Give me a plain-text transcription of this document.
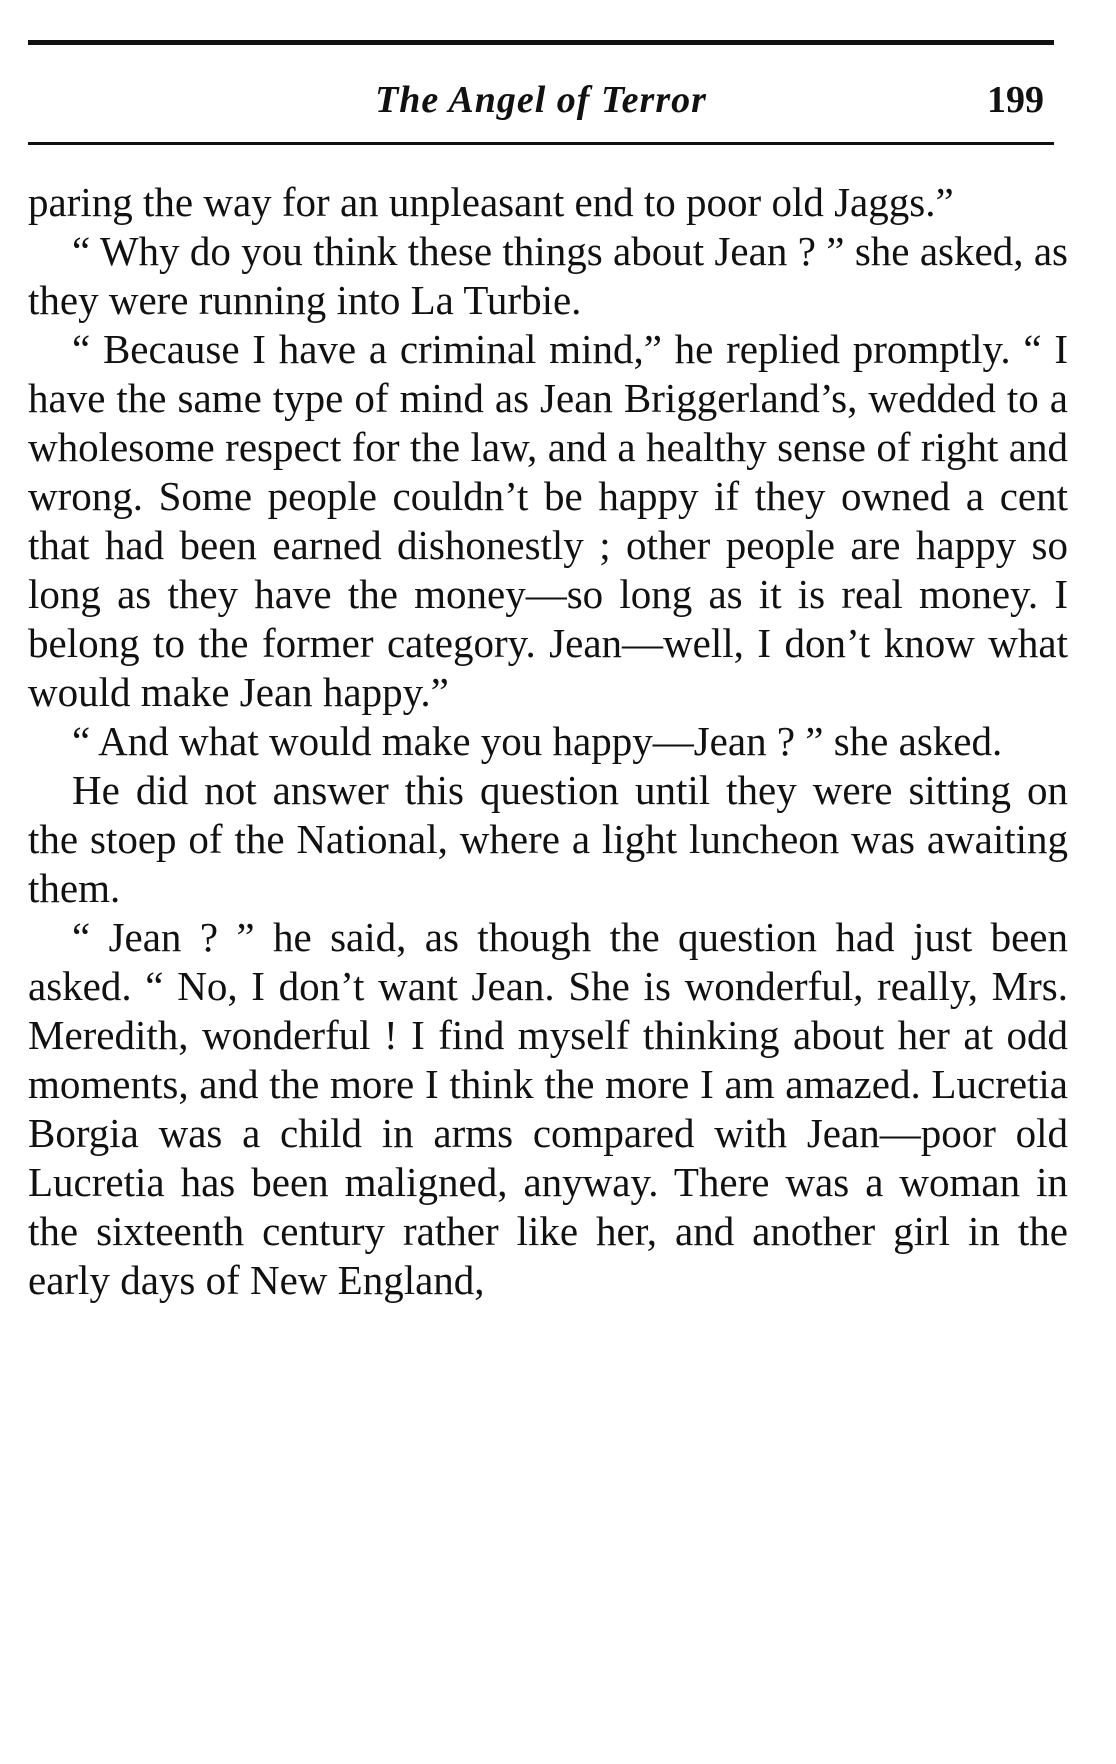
The Angel of Terror	199

paring the way for an unpleasant end to poor old Jaggs.”

“ Why do you think these things about Jean ? ” she asked, as they were running into La Turbie.

“ Because I have a criminal mind,” he replied promptly. “ I have the same type of mind as Jean Briggerland’s, wedded to a wholesome respect for the law, and a healthy sense of right and wrong. Some people couldn’t be happy if they owned a cent that had been earned dishonestly ; other people are happy so long as they have the money—so long as it is real money. I belong to the former category. Jean—well, I don’t know what would make Jean happy.”

“ And what would make you happy—Jean ? ” she asked.

He did not answer this question until they were sitting on the stoep of the National, where a light luncheon was awaiting them.

“ Jean ? ” he said, as though the question had just been asked. “ No, I don’t want Jean. She is wonderful, really, Mrs. Meredith, wonderful ! I find myself thinking about her at odd moments, and the more I think the more I am amazed. Lucretia Borgia was a child in arms compared with Jean—poor old Lucretia has been maligned, anyway. There was a woman in the sixteenth century rather like her, and another girl in the early days of New England,
